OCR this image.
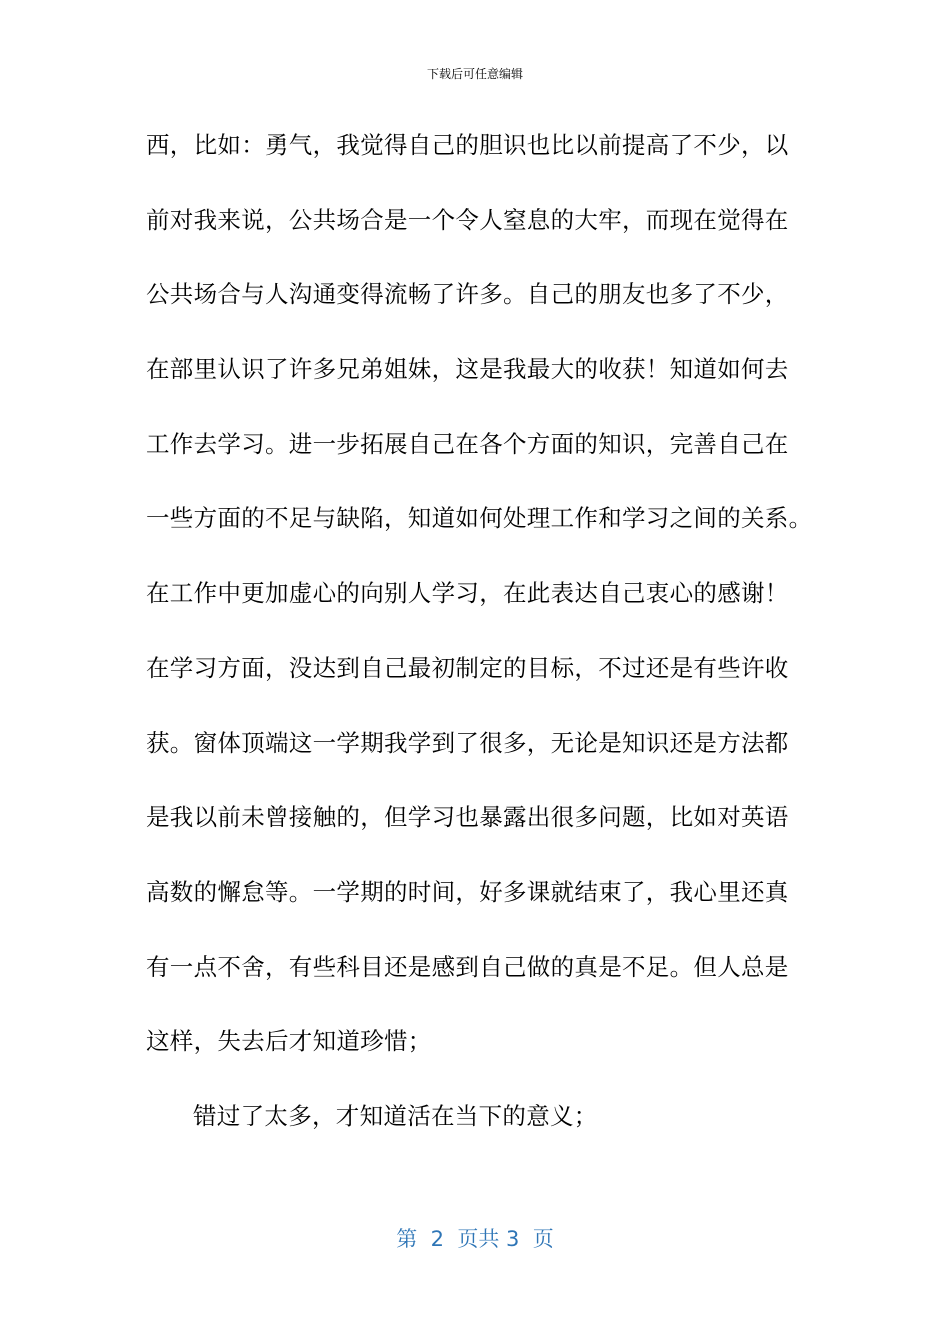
下载后可任意编辑
西，比如：勇气，我觉得自己的胆识也比以前提高了不少，以
前对我来说，公共场合是一个令人窒息的大牢，而现在觉得在
公共场合与人沟通变得流畅了许多。自己的朋友也多了不少，
在部里认识了许多兄弟姐妹，这是我最大的收获！知道如何去
工作去学习。进一步拓展自己在各个方面的知识，完善自己在
一些方面的不足与缺陷，知道如何处理工作和学习之间的关系。
在工作中更加虚心的向别人学习，在此表达自己衷心的感谢！
在学习方面，没达到自己最初制定的目标，不过还是有些许收
获。窗体顶端这一学期我学到了很多，无论是知识还是方法都
是我以前未曾接触的，但学习也暴露出很多问题，比如对英语
高数的懈怠等。一学期的时间，好多课就结束了，我心里还真
有一点不舍，有些科目还是感到自己做的真是不足。但人总是
这样，失去后才知道珍惜；
错过了太多，才知道活在当下的意义；
第  2  页共 3  页
